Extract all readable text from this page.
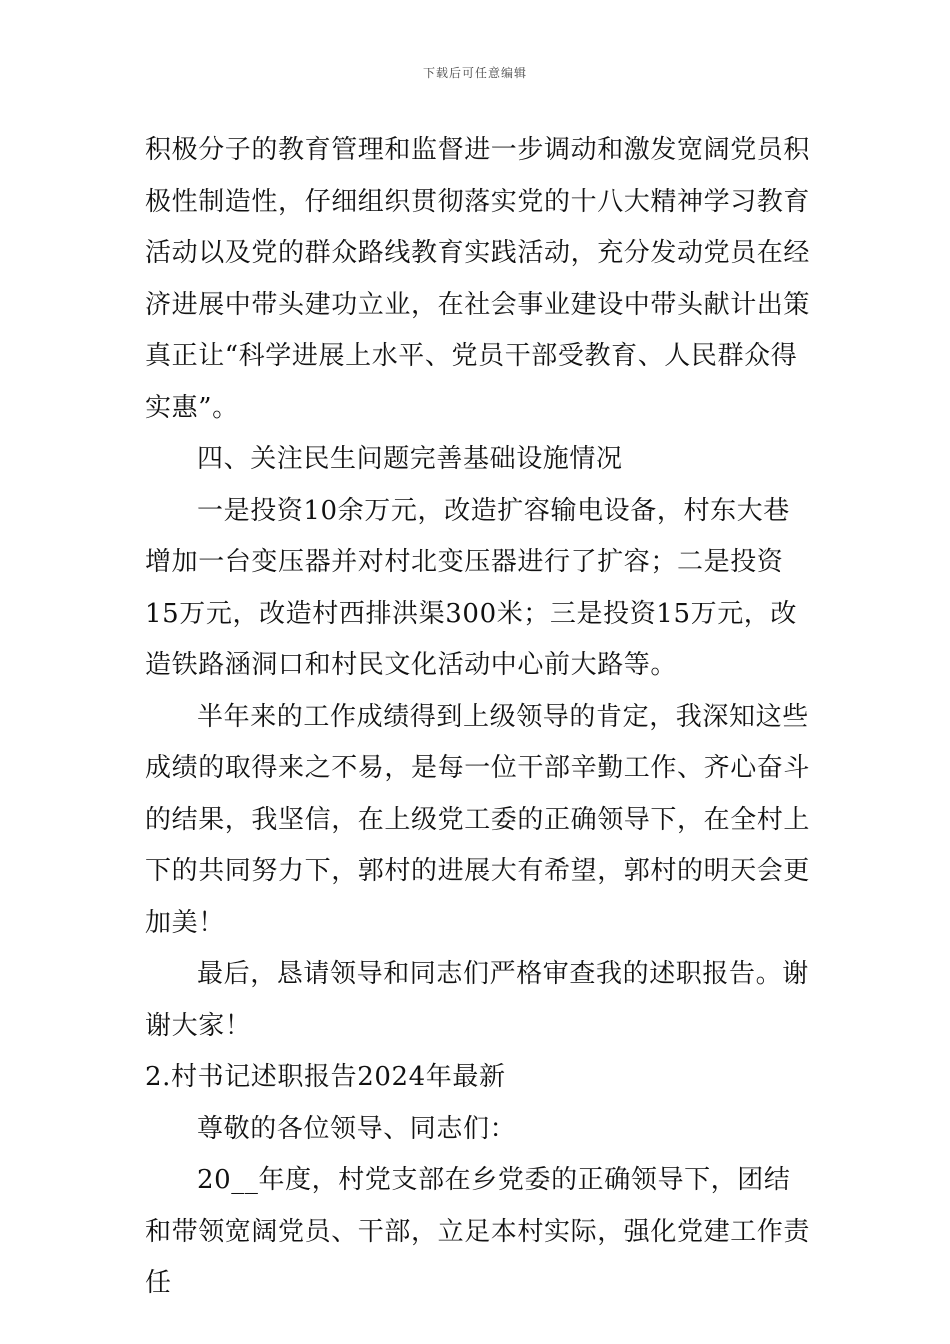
下载后可任意编辑

积极分子的教育管理和监督进一步调动和激发宽阔党员积极性制造性，仔细组织贯彻落实党的十八大精神学习教育活动以及党的群众路线教育实践活动，充分发动党员在经济进展中带头建功立业，在社会事业建设中带头献计出策真正让“科学进展上水平、党员干部受教育、人民群众得实惠”。

四、关注民生问题完善基础设施情况

一是投资10余万元，改造扩容输电设备，村东大巷增加一台变压器并对村北变压器进行了扩容；二是投资15万元，改造村西排洪渠300米；三是投资15万元，改造铁路涵洞口和村民文化活动中心前大路等。

半年来的工作成绩得到上级领导的肯定，我深知这些成绩的取得来之不易，是每一位干部辛勤工作、齐心奋斗的结果，我坚信，在上级党工委的正确领导下，在全村上下的共同努力下，郭村的进展大有希望，郭村的明天会更加美！

最后，恳请领导和同志们严格审查我的述职报告。谢谢大家！

2.村书记述职报告2024年最新

尊敬的各位领导、同志们：

20__年度，村党支部在乡党委的正确领导下，团结和带领宽阔党员、干部，立足本村实际，强化党建工作责任
